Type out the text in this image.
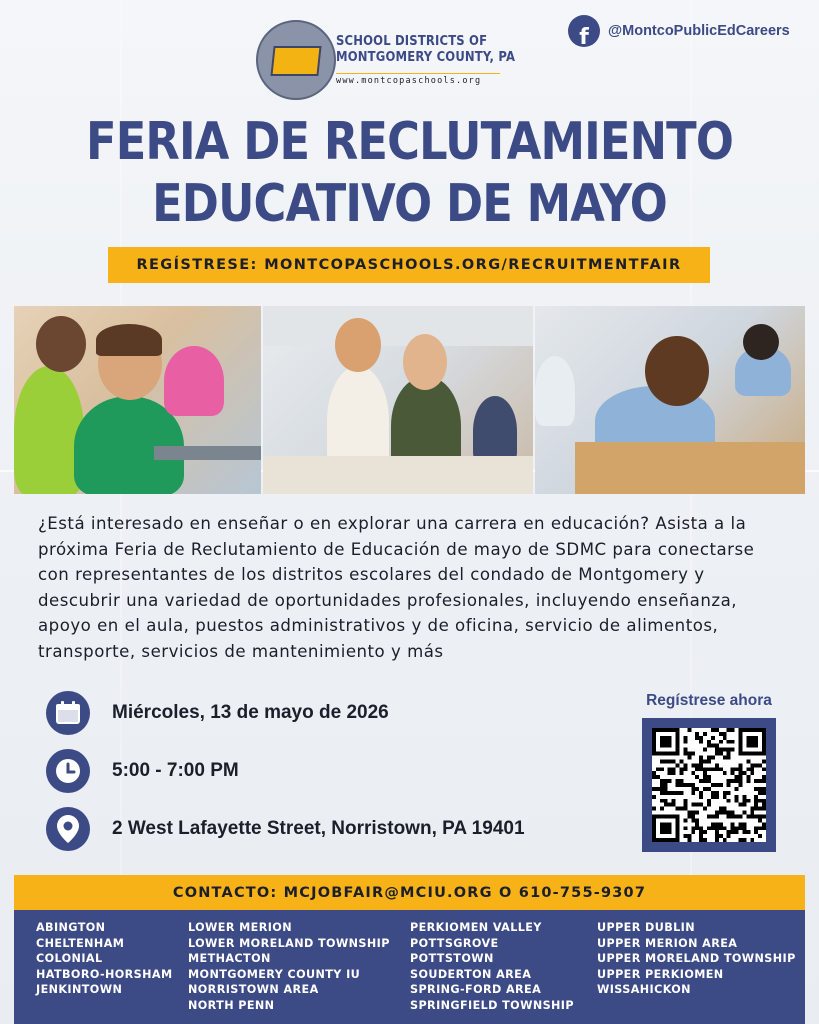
SCHOOL DISTRICTS OF
MONTGOMERY COUNTY, PA
www.montcopaschools.org
f @MontcoPublicEdCareers
FERIA DE RECLUTAMIENTO
EDUCATIVO DE MAYO
REGÍSTRESE: MONTCOPASCHOOLS.ORG/RECRUITMENTFAIR
¿Está interesado en enseñar o en explorar una carrera en educación? Asista a la próxima Feria de Reclutamiento de Educación de mayo de SDMC para conectarse con representantes de los distritos escolares del condado de Montgomery y descubrir una variedad de oportunidades profesionales, incluyendo enseñanza, apoyo en el aula, puestos administrativos y de oficina, servicio de alimentos, transporte, servicios de mantenimiento y más
Miércoles, 13 de mayo de 2026
5:00 - 7:00 PM
2 West Lafayette Street, Norristown, PA 19401
Regístrese ahora
CONTACTO: MCJOBFAIR@MCIU.ORG O 610-755-9307
ABINGTON
CHELTENHAM
COLONIAL
HATBORO-HORSHAM
JENKINTOWN
LOWER MERION
LOWER MORELAND TOWNSHIP
METHACTON
MONTGOMERY COUNTY IU
NORRISTOWN AREA
NORTH PENN
PERKIOMEN VALLEY
POTTSGROVE
POTTSTOWN
SOUDERTON AREA
SPRING-FORD AREA
SPRINGFIELD TOWNSHIP
UPPER DUBLIN
UPPER MERION AREA
UPPER MORELAND TOWNSHIP
UPPER PERKIOMEN
WISSAHICKON
